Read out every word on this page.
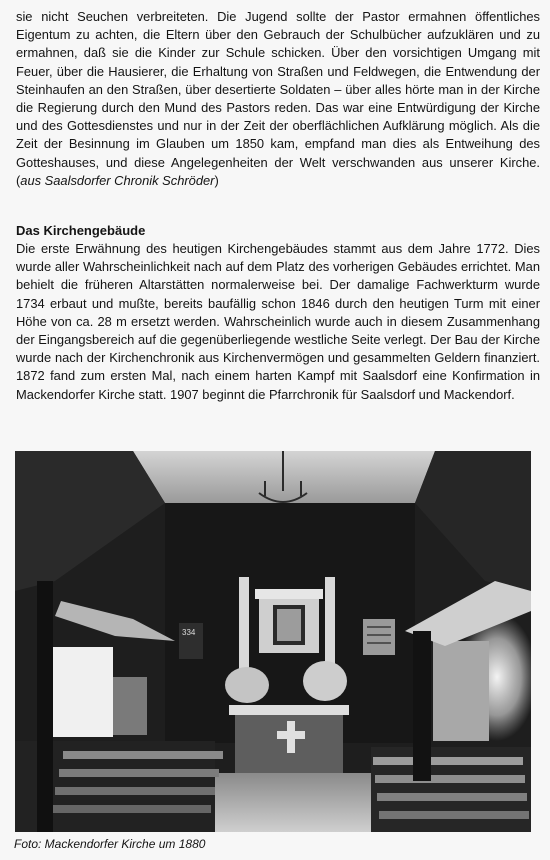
sie nicht Seuchen verbreiteten. Die Jugend sollte der Pastor ermahnen öffentliches Eigentum zu achten, die Eltern über den Gebrauch der Schulbücher aufzuklären und zu ermahnen, daß sie die Kinder zur Schule schicken. Über den vorsichtigen Umgang mit Feuer, über die Hausierer, die Erhaltung von Straßen und Feldwegen, die Entwendung der Steinhaufen an den Straßen, über desertierte Soldaten – über alles hörte man in der Kirche die Regierung durch den Mund des Pastors reden. Das war eine Entwürdigung der Kirche und des Gottesdienstes und nur in der Zeit der oberflächlichen Aufklärung möglich. Als die Zeit der Besinnung im Glauben um 1850 kam, empfand man dies als Entweihung des Gotteshauses, und diese Angelegenheiten der Welt verschwanden aus unserer Kirche. (aus Saalsdorfer Chronik Schröder)
Das Kirchengebäude
Die erste Erwähnung des heutigen Kirchengebäudes stammt aus dem Jahre 1772. Dies wurde aller Wahrscheinlichkeit nach auf dem Platz des vorherigen Gebäudes errichtet. Man behielt die früheren Altarstätten normalerweise bei. Der damalige Fachwerkturm wurde 1734 erbaut und mußte, bereits baufällig schon 1846 durch den heutigen Turm mit einer Höhe von ca. 28 m ersetzt werden. Wahrscheinlich wurde auch in diesem Zusammenhang der Eingangsbereich auf die gegenüberliegende westliche Seite verlegt. Der Bau der Kirche wurde nach der Kirchenchronik aus Kirchenvermögen und gesammelten Geldern finanziert. 1872 fand zum ersten Mal, nach einem harten Kampf mit Saalsdorf eine Konfirmation in Mackendorfer Kirche statt. 1907 beginnt die Pfarrchronik für Saalsdorf und Mackendorf.
334
Foto: Mackendorfer Kirche um 1880
